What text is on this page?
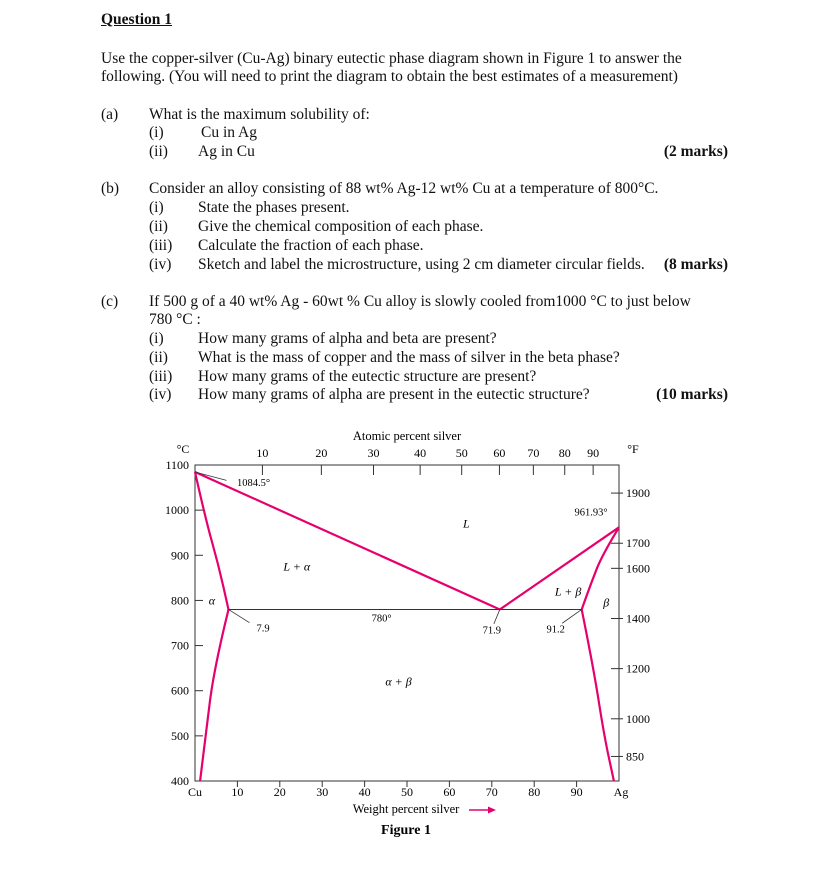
Question 1
Use the copper-silver (Cu-Ag) binary eutectic phase diagram shown in Figure 1 to answer the
following. (You will need to print the diagram to obtain the best estimates of a measurement)
(a) What is the maximum solubility of:
(i) Cu in Ag
(ii) Ag in Cu	(2 marks)
(b) Consider an alloy consisting of 88 wt% Ag-12 wt% Cu at a temperature of 800°C.
(i) State the phases present.
(ii) Give the chemical composition of each phase.
(iii) Calculate the fraction of each phase.
(iv) Sketch and label the microstructure, using 2 cm diameter circular fields. (8 marks)
(c) If 500 g of a 40 wt% Ag - 60wt % Cu alloy is slowly cooled from1000 °C to just below
780 °C :
(i) How many grams of alpha and beta are present?
(ii) What is the mass of copper and the mass of silver in the beta phase?
(iii) How many grams of the eutectic structure are present?
(iv) How many grams of alpha are present in the eutectic structure?	(10 marks)
Atomic percent silver
Weight percent silver
Figure 1
°C	°F
Cu	Ag
10	20	30	40	50	60	70	80	90
10	20	30	40 50 60 70 80 90
400
500
600
700
800
900
1000
1100
1900
1700
1600
1400
1200
1000
850
1084.5°
961.93°
780°
7.9	71.9	91.2
L
L + α
L + β
α	β
α + β
